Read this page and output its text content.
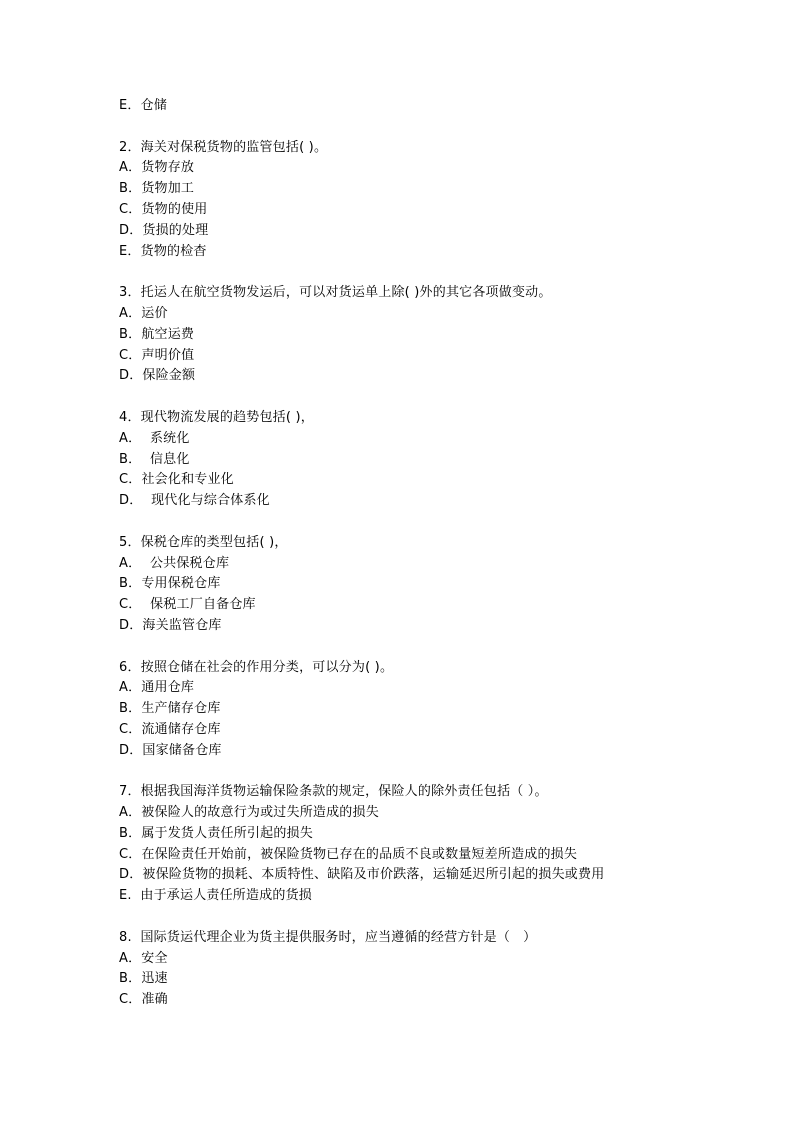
E．仓储
2．海关对保税货物的监管包括( )。
A．货物存放
B．货物加工
C．货物的使用
D．货损的处理
E．货物的检杳
3．托运人在航空货物发运后，可以对货运单上除( )外的其它各项做变动。
A．运价
B．航空运费
C．声明价值
D．保险金额
4．现代物流发展的趋势包括( )，
A．  系统化
B．  信息化
C．社会化和专业化
D．  现代化与综合体系化
5．保税仓库的类型包括( )，
A．  公共保税仓库
B．专用保税仓库
C．  保税工厂自备仓库
D．海关监管仓库
6．按照仓储在社会的作用分类，可以分为( )。
A．通用仓库
B．生产储存仓库
C．流通储存仓库
D．国家储备仓库
7．根据我国海洋货物运输保险条款的规定，保险人的除外责任包括（ ）。
A．被保险人的故意行为或过失所造成的损失
B．属于发货人责任所引起的损失
C．在保险责任开始前，被保险货物已存在的品质不良或数量短差所造成的损失
D．被保险货物的损耗、本质特性、缺陷及市价跌落，运输延迟所引起的损失或费用
E.  由于承运人责任所造成的货损
8.  国际货运代理企业为货主提供服务时，应当遵循的经营方针是（   ）
A．安全
B．迅速
C．准确
